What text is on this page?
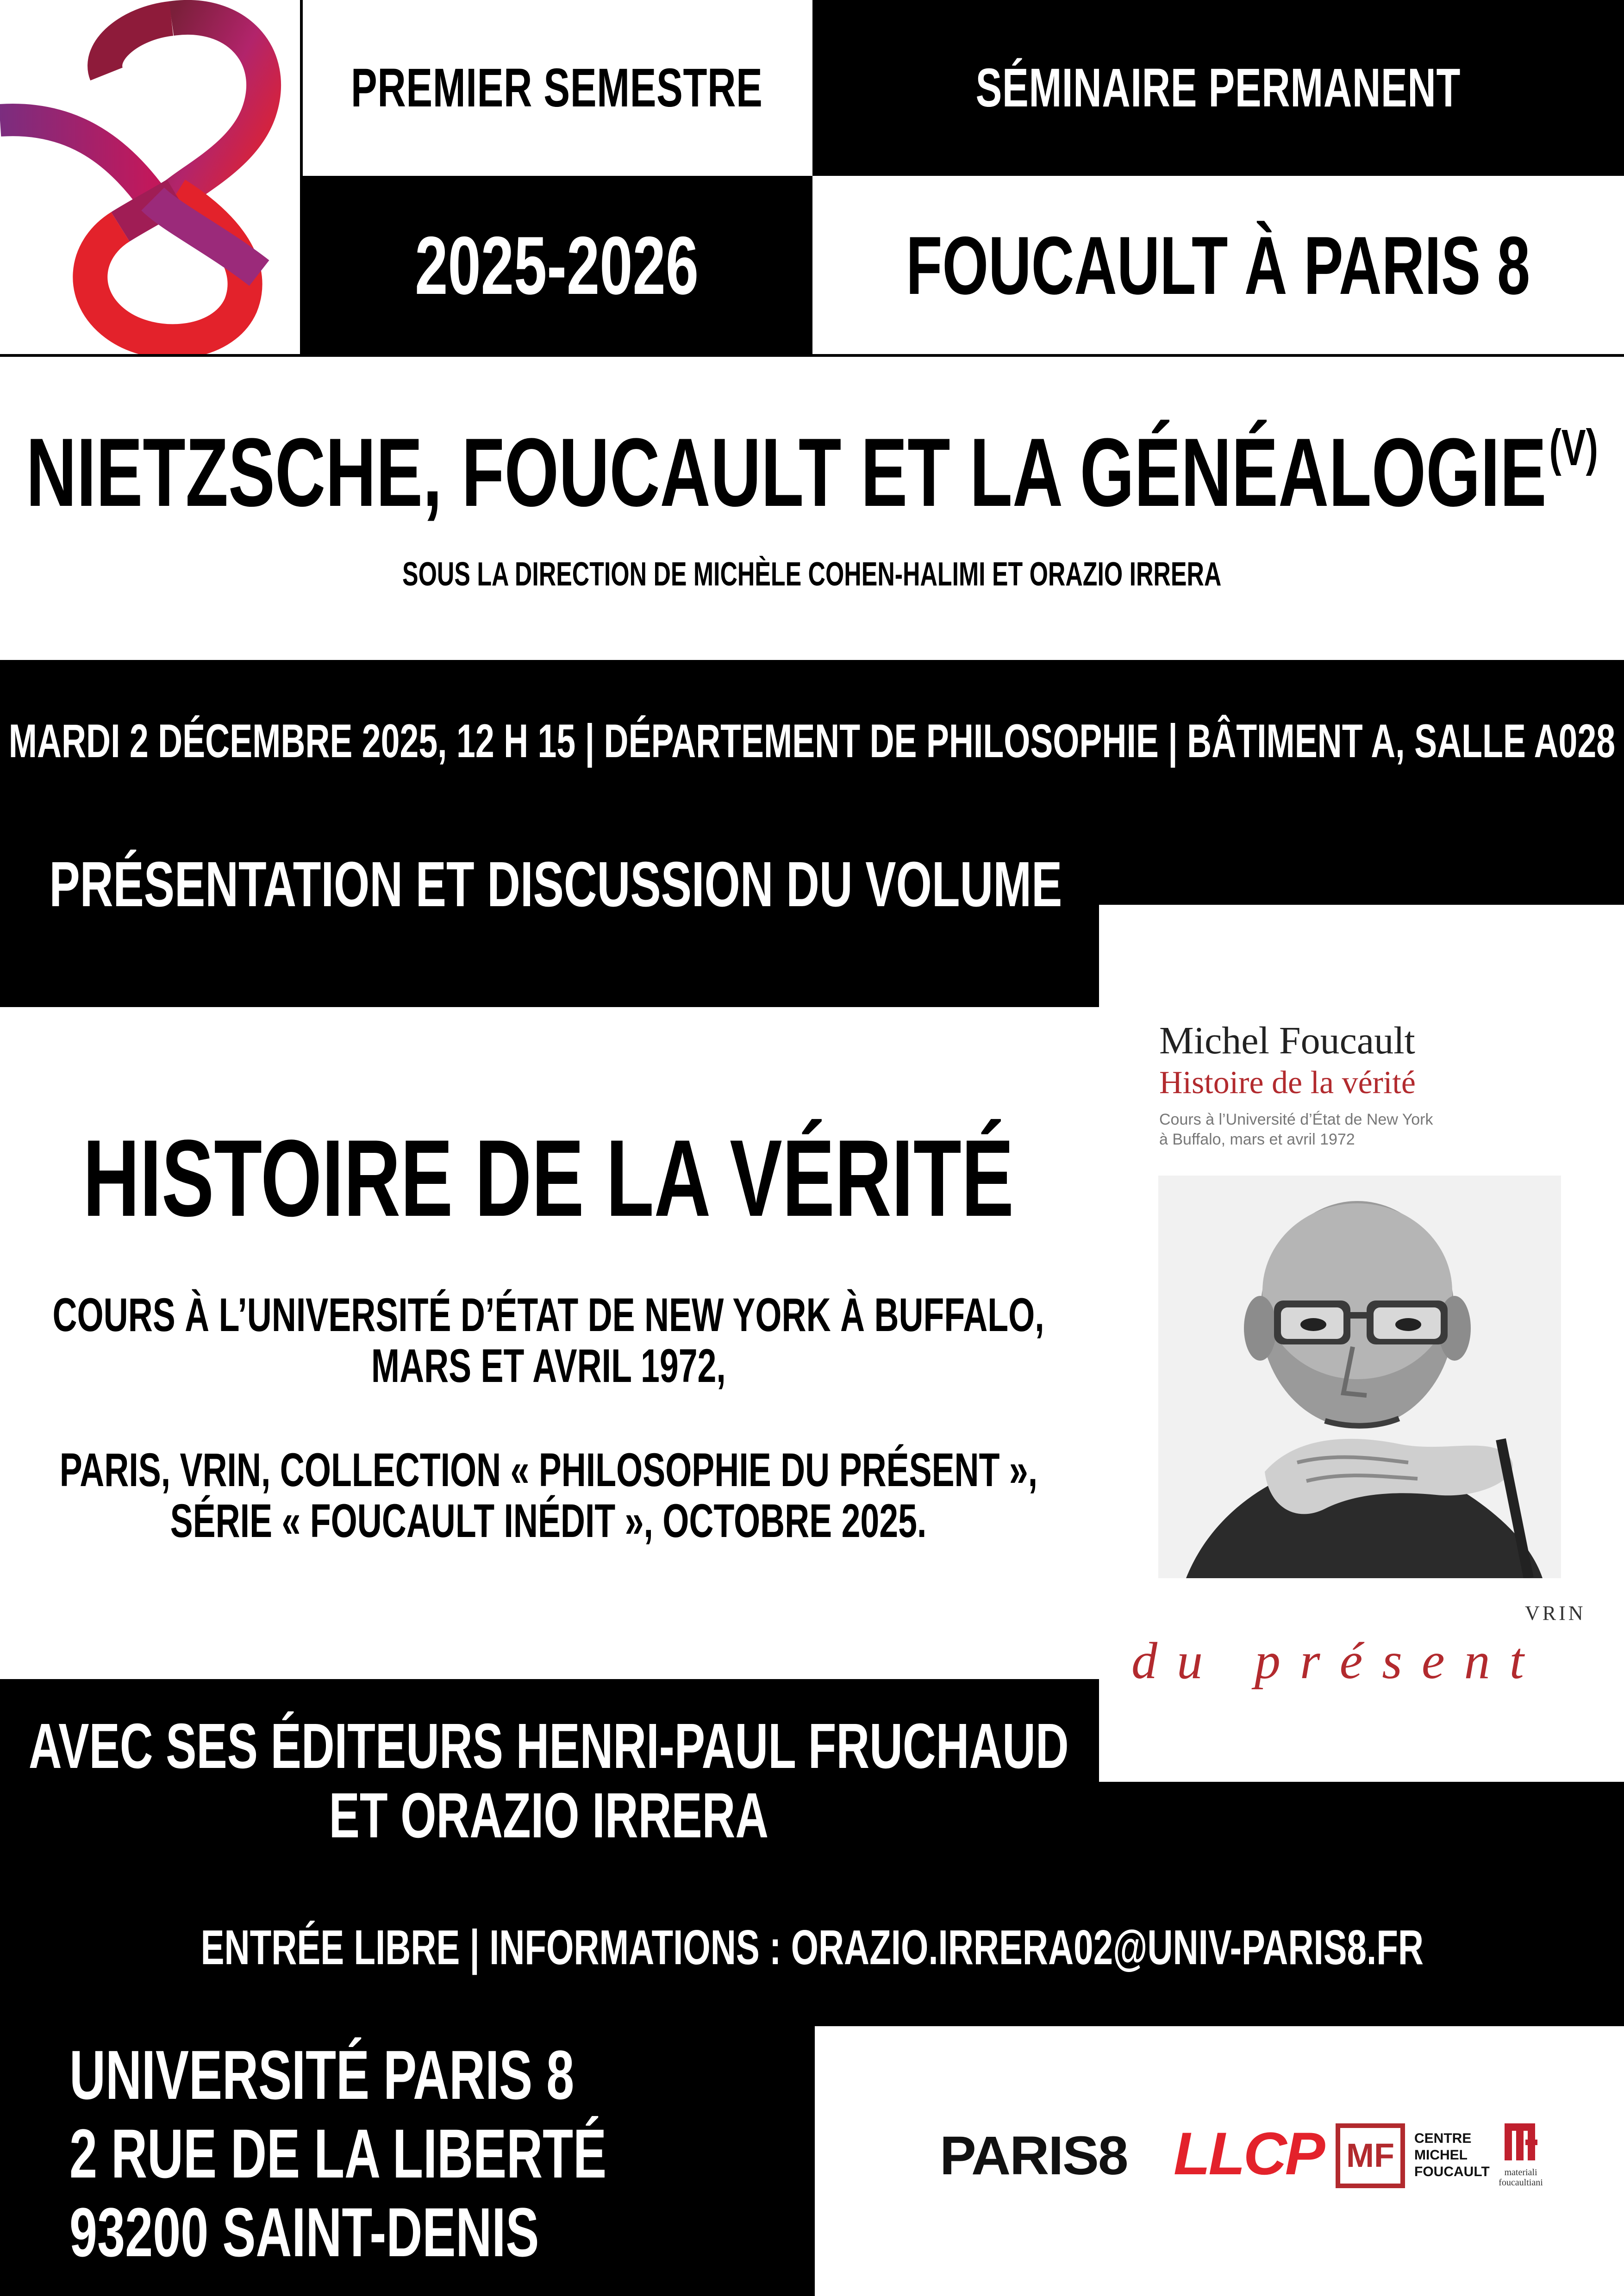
PREMIER SEMESTRE
2025-2026
SÉMINAIRE PERMANENT
FOUCAULT À PARIS 8
NIETZSCHE, FOUCAULT ET LA $GÉNÉALOGIE^{(V)}$
SOUS LA DIRECTION DE MICHÈLE COHEN-HALIMI ET ORAZIO IRRERA
MARDI 2 DÉCEMBRE 2025, 12 H 15 | DÉPARTEMENT DE PHILOSOPHIE | BÂTIMENT A, SALLE A028
PRÉSENTATION ET DISCUSSION DU VOLUME
HISTOIRE DE LA VÉRITÉ
COURS À L’UNIVERSITÉ D’ÉTAT DE NEW YORK À BUFFALO,
MARS ET AVRIL 1972,
PARIS, VRIN, COLLECTION « PHILOSOPHIE DU PRÉSENT »,
SÉRIE « FOUCAULT INÉDIT », OCTOBRE 2025.
AVEC SES ÉDITEURS HENRI-PAUL FRUCHAUD
ET ORAZIO IRRERA
ENTRÉE LIBRE | INFORMATIONS : ORAZIO.IRRERA02@UNIV-PARIS8.FR
Michel Foucault
Histoire de la vérité
Cours à l’Université d’État de New York
à Buffalo, mars et avril 1972
VRIN
du présent
UNIVERSITÉ PARIS 8
2 RUE DE LA LIBERTÉ
93200 SAINT-DENIS
PARIS8 LLCP MF CENTRE
MICHEL
FOUCAULT	materiali
foucaultiani
